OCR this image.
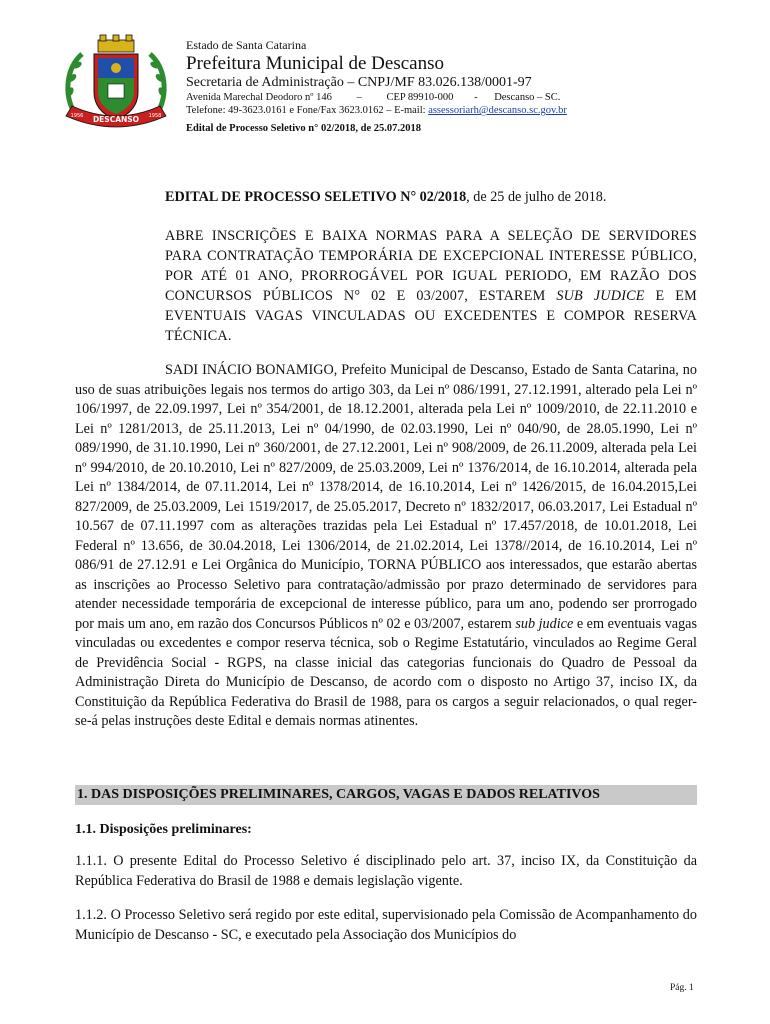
DESCANSO
1956	1958
Estado de Santa Catarina
Prefeitura Municipal de Descanso
Secretaria de Administração – CNPJ/MF 83.026.138/0001-97
Avenida Marechal Deodoro nº 146 – CEP 89910-000 - Descanso – SC.
Telefone: 49-3623.0161 e Fone/Fax 3623.0162 – E-mail: assessoriarh@descanso.sc.gov.br
Edital de Processo Seletivo n° 02/2018, de 25.07.2018
EDITAL DE PROCESSO SELETIVO N° 02/2018, de 25 de julho de 2018.
ABRE INSCRIÇÕES E BAIXA NORMAS PARA A SELEÇÃO DE SERVIDORES PARA CONTRATAÇÃO TEMPORÁRIA DE EXCEPCIONAL INTERESSE PÚBLICO, POR ATÉ 01 ANO, PRORROGÁVEL POR IGUAL PERIODO, EM RAZÃO DOS CONCURSOS PÚBLICOS N° 02 E 03/2007, ESTAREM SUB JUDICE E EM EVENTUAIS VAGAS VINCULADAS OU EXCEDENTES E COMPOR RESERVA TÉCNICA.
SADI INÁCIO BONAMIGO, Prefeito Municipal de Descanso, Estado de Santa Catarina, no uso de suas atribuições legais nos termos do artigo 303, da Lei nº 086/1991, 27.12.1991, alterado pela Lei nº 106/1997, de 22.09.1997, Lei nº 354/2001, de 18.12.2001, alterada pela Lei nº 1009/2010, de 22.11.2010 e Lei nº 1281/2013, de 25.11.2013, Lei nº 04/1990, de 02.03.1990, Lei nº 040/90, de 28.05.1990, Lei nº 089/1990, de 31.10.1990, Lei nº 360/2001, de 27.12.2001, Lei nº 908/2009, de 26.11.2009, alterada pela Lei nº 994/2010, de 20.10.2010, Lei nº 827/2009, de 25.03.2009, Lei nº 1376/2014, de 16.10.2014, alterada pela Lei nº 1384/2014, de 07.11.2014, Lei nº 1378/2014, de 16.10.2014, Lei nº 1426/2015, de 16.04.2015,Lei 827/2009, de 25.03.2009, Lei 1519/2017, de 25.05.2017, Decreto nº 1832/2017, 06.03.2017, Lei Estadual nº 10.567 de 07.11.1997 com as alterações trazidas pela Lei Estadual nº 17.457/2018, de 10.01.2018, Lei Federal nº 13.656, de 30.04.2018, Lei 1306/2014, de 21.02.2014, Lei 1378//2014, de 16.10.2014, Lei nº 086/91 de 27.12.91 e Lei Orgânica do Município, TORNA PÚBLICO aos interessados, que estarão abertas as inscrições ao Processo Seletivo para contratação/admissão por prazo determinado de servidores para atender necessidade temporária de excepcional de interesse público, para um ano, podendo ser prorrogado por mais um ano, em razão dos Concursos Públicos nº 02 e 03/2007, estarem sub judice e em eventuais vagas vinculadas ou excedentes e compor reserva técnica, sob o Regime Estatutário, vinculados ao Regime Geral de Previdência Social - RGPS, na classe inicial das categorias funcionais do Quadro de Pessoal da Administração Direta do Município de Descanso, de acordo com o disposto no Artigo 37, inciso IX, da Constituição da República Federativa do Brasil de 1988, para os cargos a seguir relacionados, o qual reger-se-á pelas instruções deste Edital e demais normas atinentes.
1. DAS DISPOSIÇÕES PRELIMINARES, CARGOS, VAGAS E DADOS RELATIVOS
1.1. Disposições preliminares:
1.1.1. O presente Edital do Processo Seletivo é disciplinado pelo art. 37, inciso IX, da Constituição da República Federativa do Brasil de 1988 e demais legislação vigente.
1.1.2. O Processo Seletivo será regido por este edital, supervisionado pela Comissão de Acompanhamento do Município de Descanso - SC, e executado pela Associação dos Municípios do
Pág. 1
